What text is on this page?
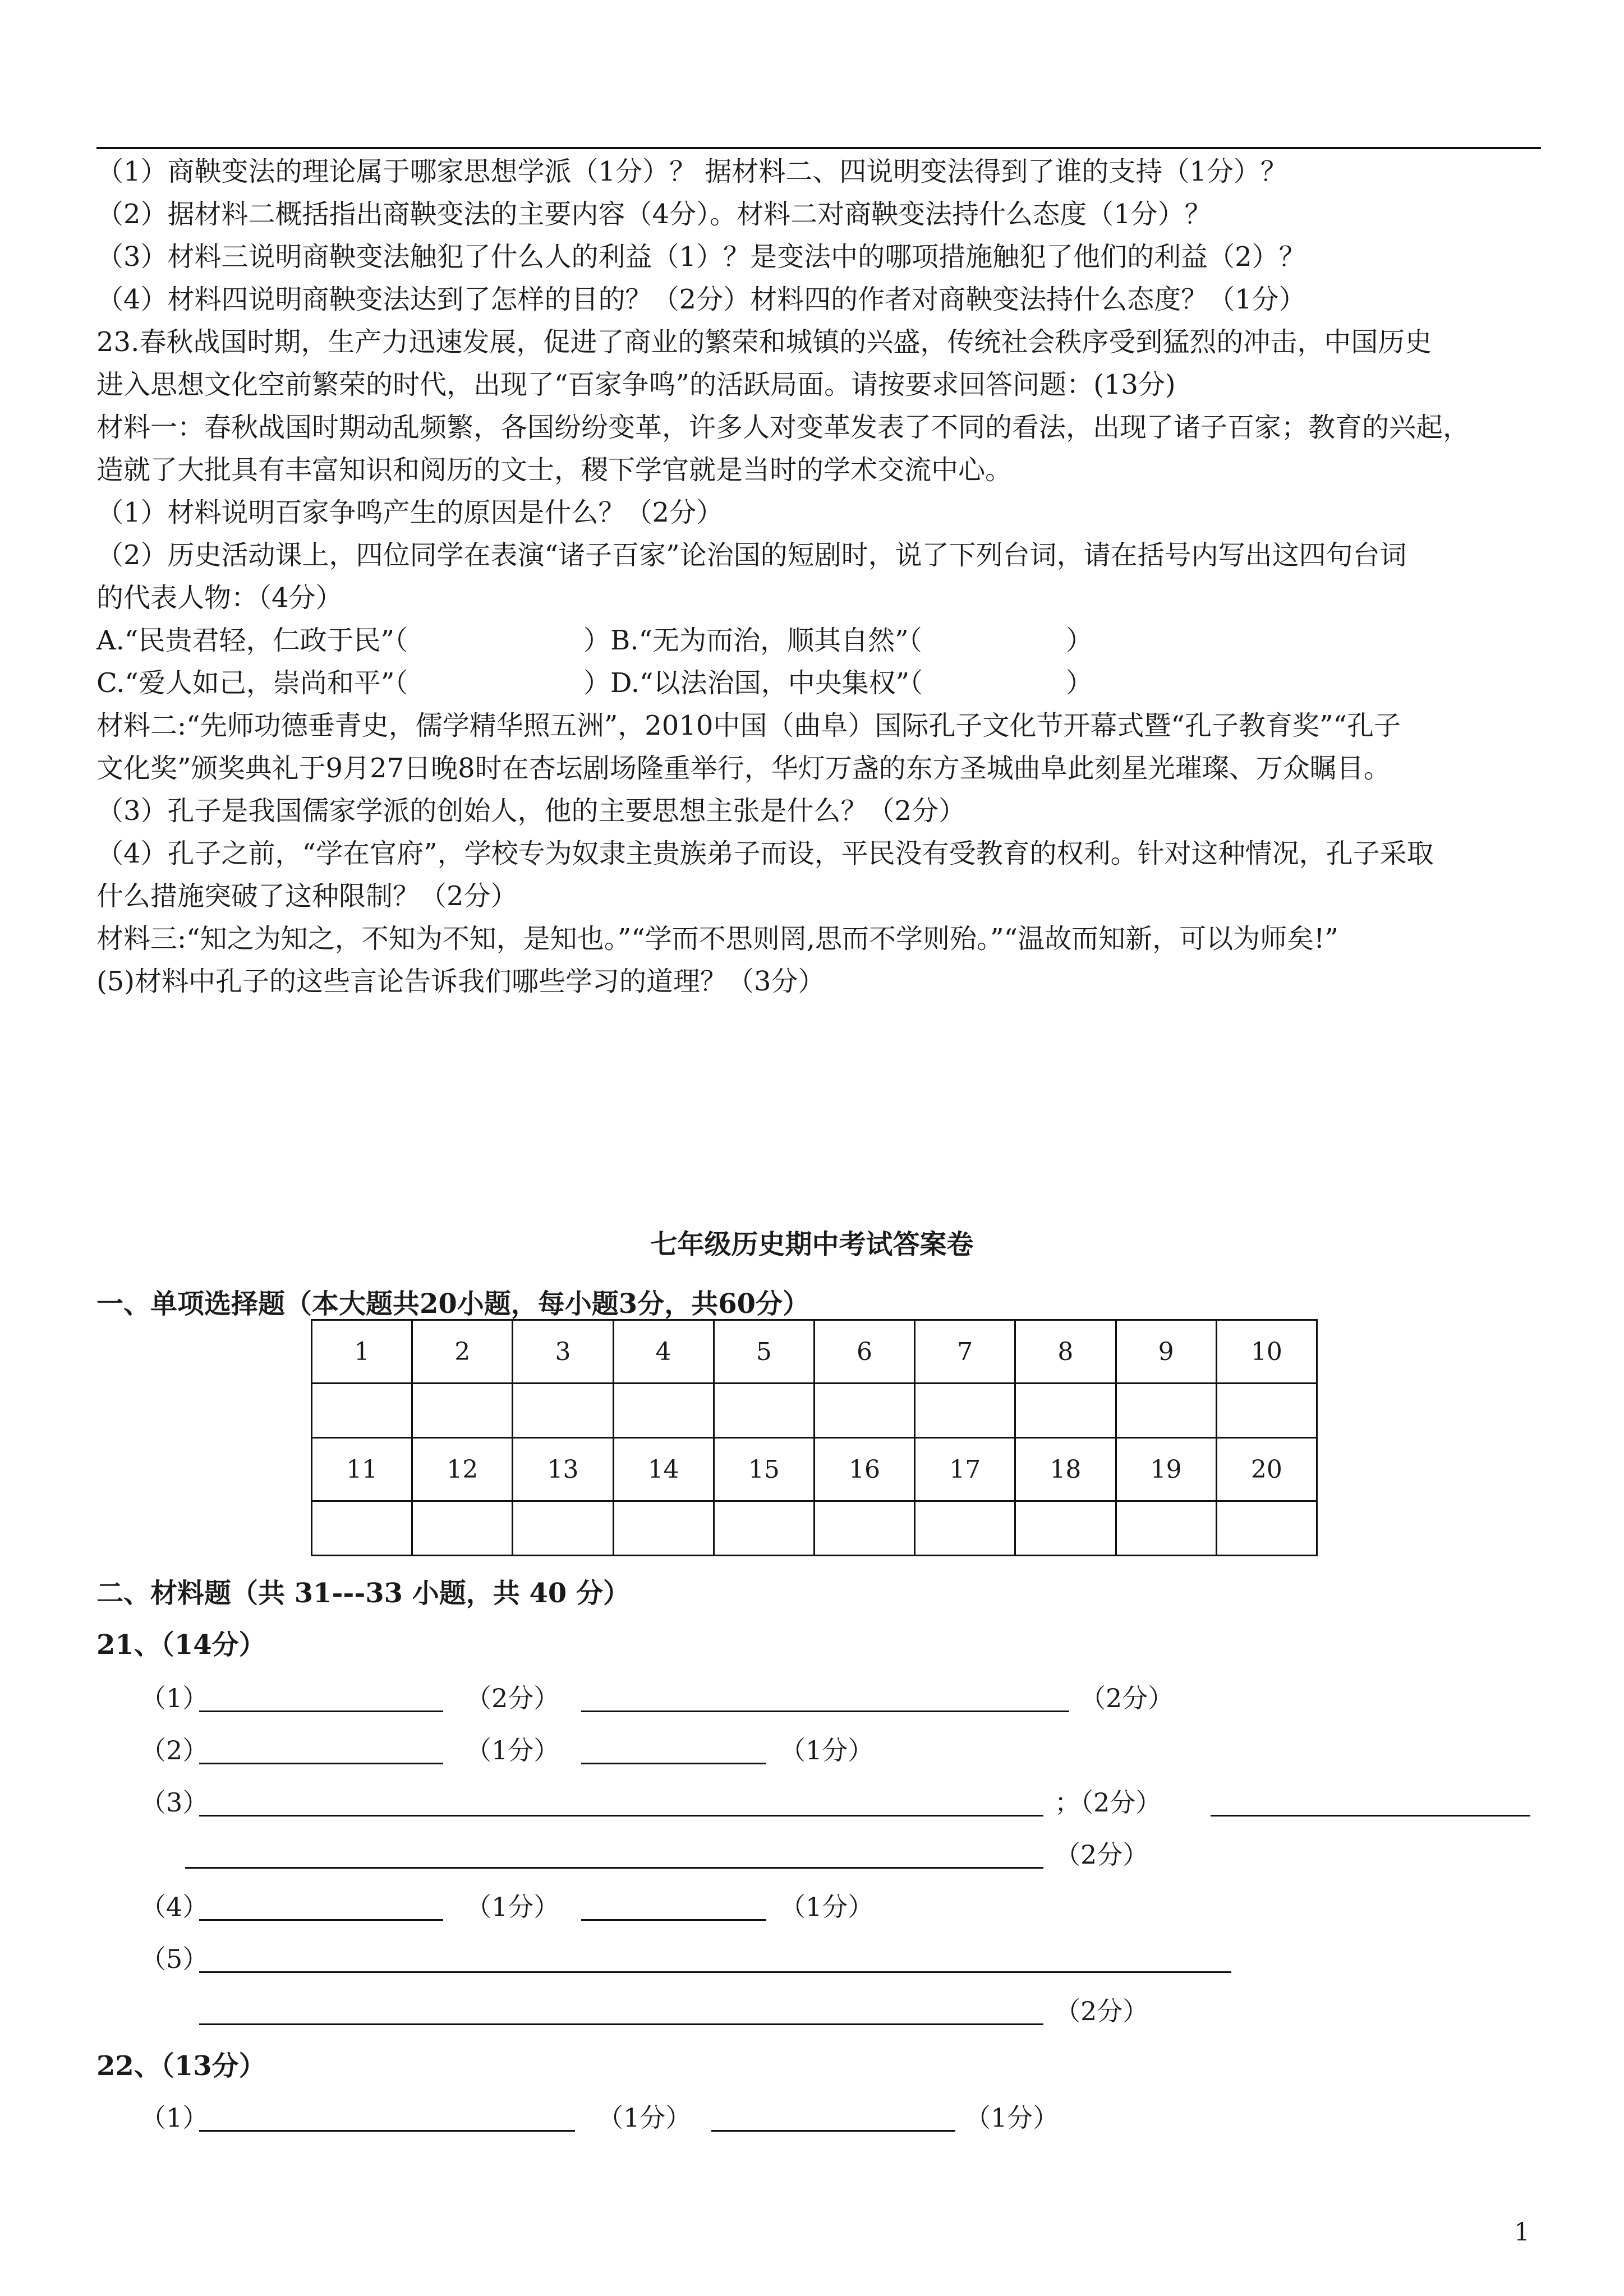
（1）商鞅变法的理论属于哪家思想学派（1分）？ 据材料二、四说明变法得到了谁的支持（1分）？
（2）据材料二概括指出商鞅变法的主要内容（4分）。材料二对商鞅变法持什么态度（1分）？
（3）材料三说明商鞅变法触犯了什么人的利益（1）？是变法中的哪项措施触犯了他们的利益（2）？
（4）材料四说明商鞅变法达到了怎样的目的？（2分）材料四的作者对商鞅变法持什么态度？（1分）
23.春秋战国时期，生产力迅速发展，促进了商业的繁荣和城镇的兴盛，传统社会秩序受到猛烈的冲击，中国历史
进入思想文化空前繁荣的时代，出现了“百家争鸣”的活跃局面。请按要求回答问题：(13分)
材料一：春秋战国时期动乱频繁，各国纷纷变革，许多人对变革发表了不同的看法，出现了诸子百家；教育的兴起，
造就了大批具有丰富知识和阅历的文士，稷下学官就是当时的学术交流中心。
（1）材料说明百家争鸣产生的原因是什么？（2分）
（2）历史活动课上，四位同学在表演“诸子百家”论治国的短剧时，说了下列台词，请在括号内写出这四句台词
的代表人物：（4分）
A.“民贵君轻，仁政于民”（	）B.“无为而治，顺其自然”（	）
C.“爱人如己，崇尚和平”（	）D.“以法治国，中央集权”（	）
材料二:“先师功德垂青史，儒学精华照五洲”，2010中国（曲阜）国际孔子文化节开幕式暨“孔子教育奖”“孔子
文化奖”颁奖典礼于9月27日晚8时在杏坛剧场隆重举行，华灯万盏的东方圣城曲阜此刻星光璀璨、万众瞩目。
（3）孔子是我国儒家学派的创始人，他的主要思想主张是什么？（2分）
（4）孔子之前，“学在官府”，学校专为奴隶主贵族弟子而设，平民没有受教育的权利。针对这种情况，孔子采取
什么措施突破了这种限制？（2分）
材料三:“知之为知之，不知为不知，是知也。”“学而不思则罔,思而不学则殆。”“温故而知新，可以为师矣!”
(5)材料中孔子的这些言论告诉我们哪些学习的道理？（3分）
七年级历史期中考试答案卷
一、单项选择题（本大题共20小题，每小题3分，共60分）
1	2	3	4	5	6	7	8	9	10

11	12	13	14	15	16	17	18	19	20

二、材料题（共 31---33 小题，共 40 分）
21、（14分）
（1）	（2分）	（2分）
（2）	（1分）	（1分）
（3）	；（2分）
（2分）
（4）	（1分）	（1分）
（5）
（2分）
22、（13分）
（1）	（1分）	（1分）
1
